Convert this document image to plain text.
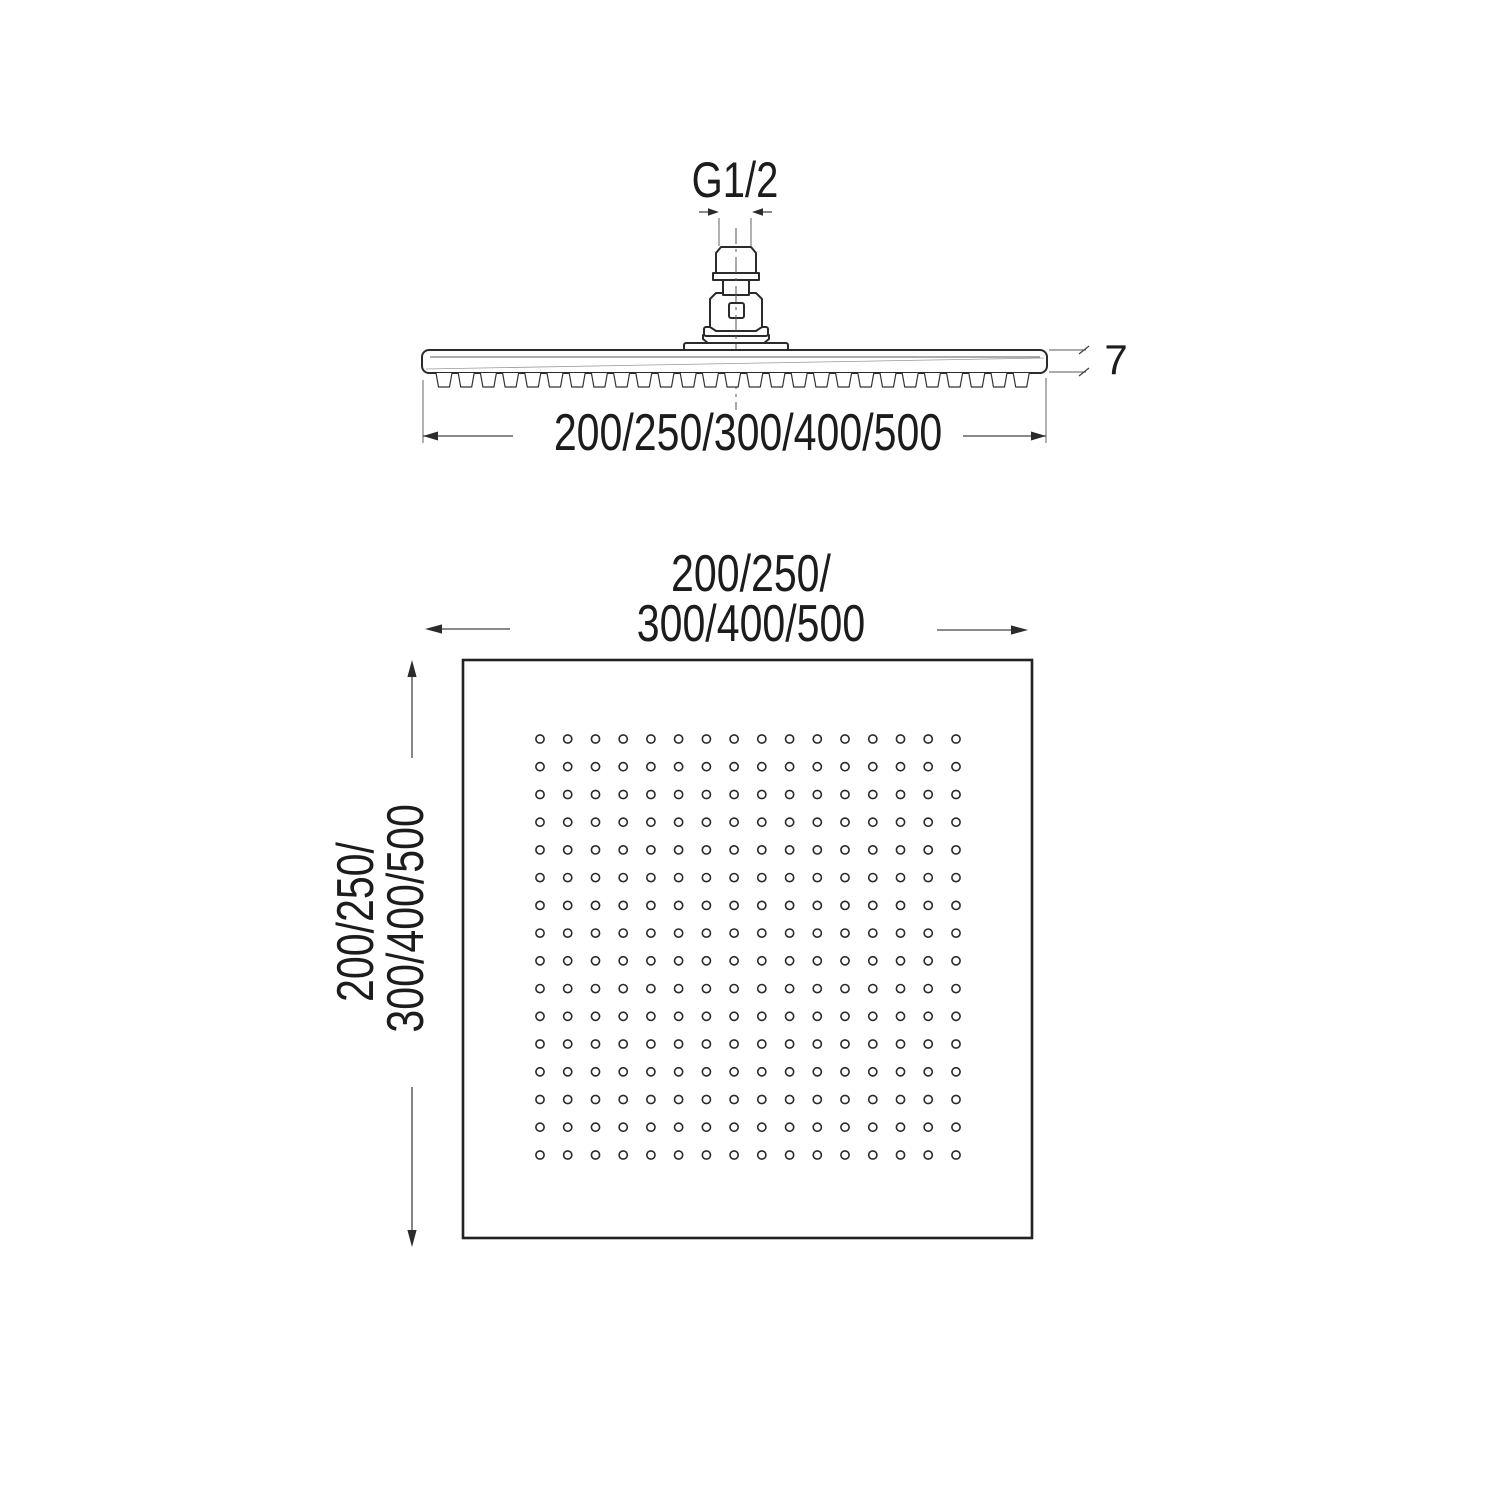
G1/2
200/250/300/400/500
7
200/250/
300/400/500
200/250/
300/400/500
